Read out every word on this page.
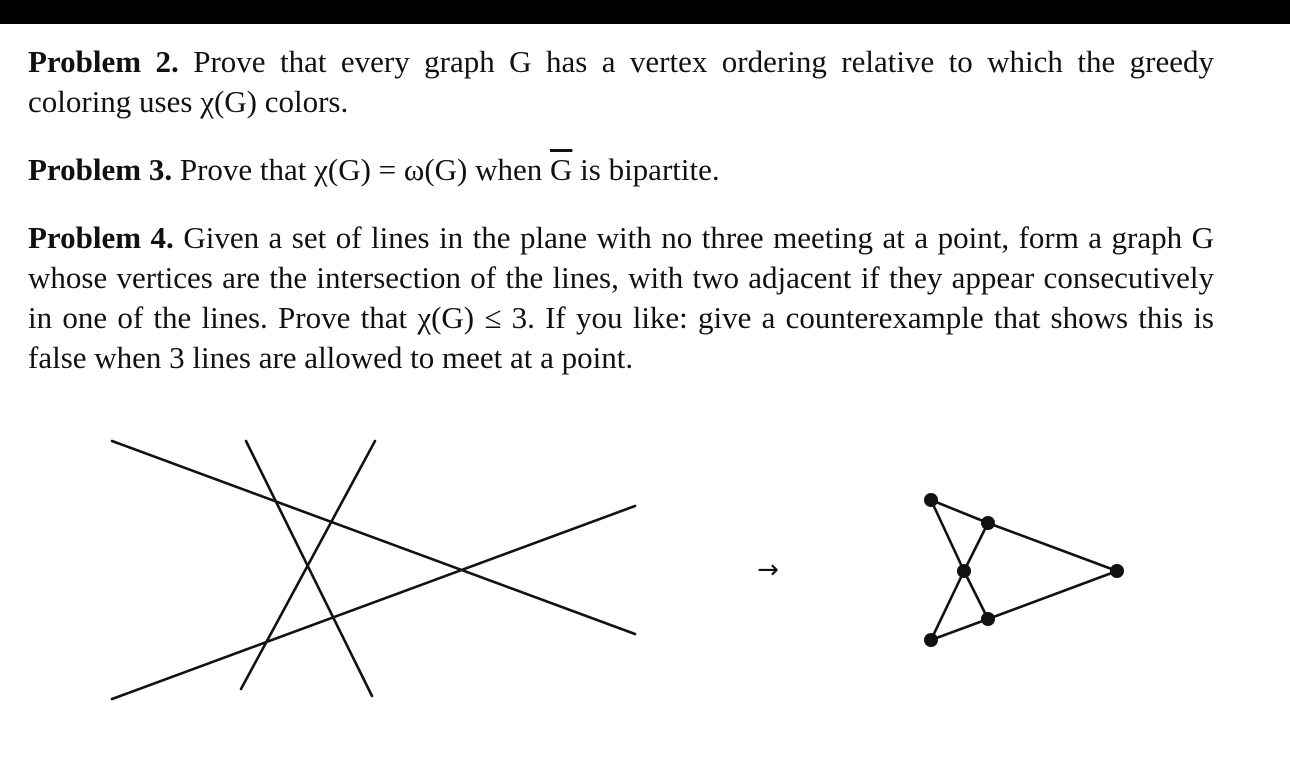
Problem 2. Prove that every graph G has a vertex ordering relative to which the greedy coloring uses χ(G) colors.
Problem 3. Prove that χ(G) = ω(G) when $\overline{G}$ is bipartite.
Problem 4. Given a set of lines in the plane with no three meeting at a point, form a graph G whose vertices are the intersection of the lines, with two adjacent if they appear consecutively in one of the lines. Prove that χ(G) ≤ 3. If you like: give a counterexample that shows this is false when 3 lines are allowed to meet at a point.
→
